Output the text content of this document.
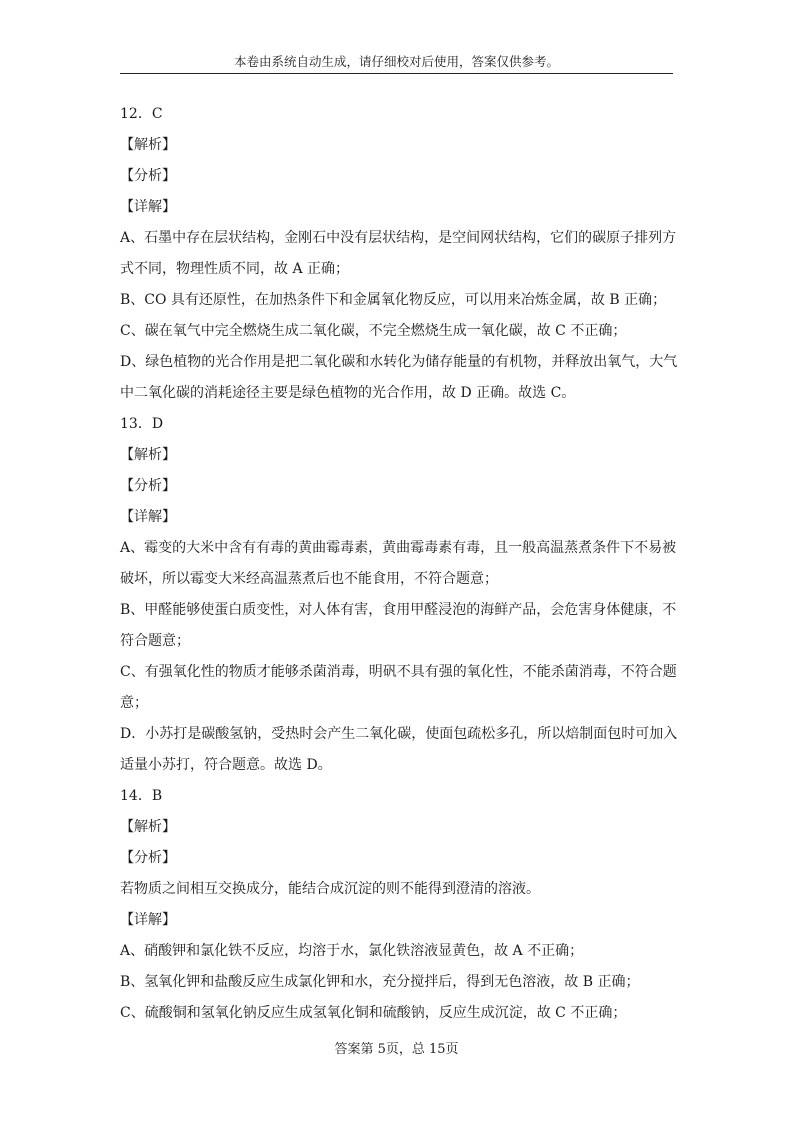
本卷由系统自动生成，请仔细校对后使用，答案仅供参考。
12．C
【解析】
【分析】
【详解】
A、石墨中存在层状结构，金刚石中没有层状结构，是空间网状结构，它们的碳原子排列方
式不同，物理性质不同，故 A 正确；
B、CO 具有还原性，在加热条件下和金属氧化物反应，可以用来冶炼金属，故 B 正确；
C、碳在氧气中完全燃烧生成二氧化碳，不完全燃烧生成一氧化碳，故 C 不正确；
D、绿色植物的光合作用是把二氧化碳和水转化为储存能量的有机物，并释放出氧气，大气
中二氧化碳的消耗途径主要是绿色植物的光合作用，故 D 正确。故选 C。
13．D
【解析】
【分析】
【详解】
A、霉变的大米中含有有毒的黄曲霉毒素，黄曲霉毒素有毒，且一般高温蒸煮条件下不易被
破坏，所以霉变大米经高温蒸煮后也不能食用，不符合题意；
B、甲醛能够使蛋白质变性，对人体有害，食用甲醛浸泡的海鲜产品，会危害身体健康，不
符合题意；
C、有强氧化性的物质才能够杀菌消毒，明矾不具有强的氧化性，不能杀菌消毒，不符合题
意；
D．小苏打是碳酸氢钠，受热时会产生二氧化碳，使面包疏松多孔，所以焙制面包时可加入
适量小苏打，符合题意。故选 D。
14．B
【解析】
【分析】
若物质之间相互交换成分，能结合成沉淀的则不能得到澄清的溶液。
【详解】
A、硝酸钾和氯化铁不反应，均溶于水，氯化铁溶液显黄色，故 A 不正确；
B、氢氧化钾和盐酸反应生成氯化钾和水，充分搅拌后，得到无色溶液，故 B 正确；
C、硫酸铜和氢氧化钠反应生成氢氧化铜和硫酸钠，反应生成沉淀，故 C 不正确；
答案第 5页，总 15页
